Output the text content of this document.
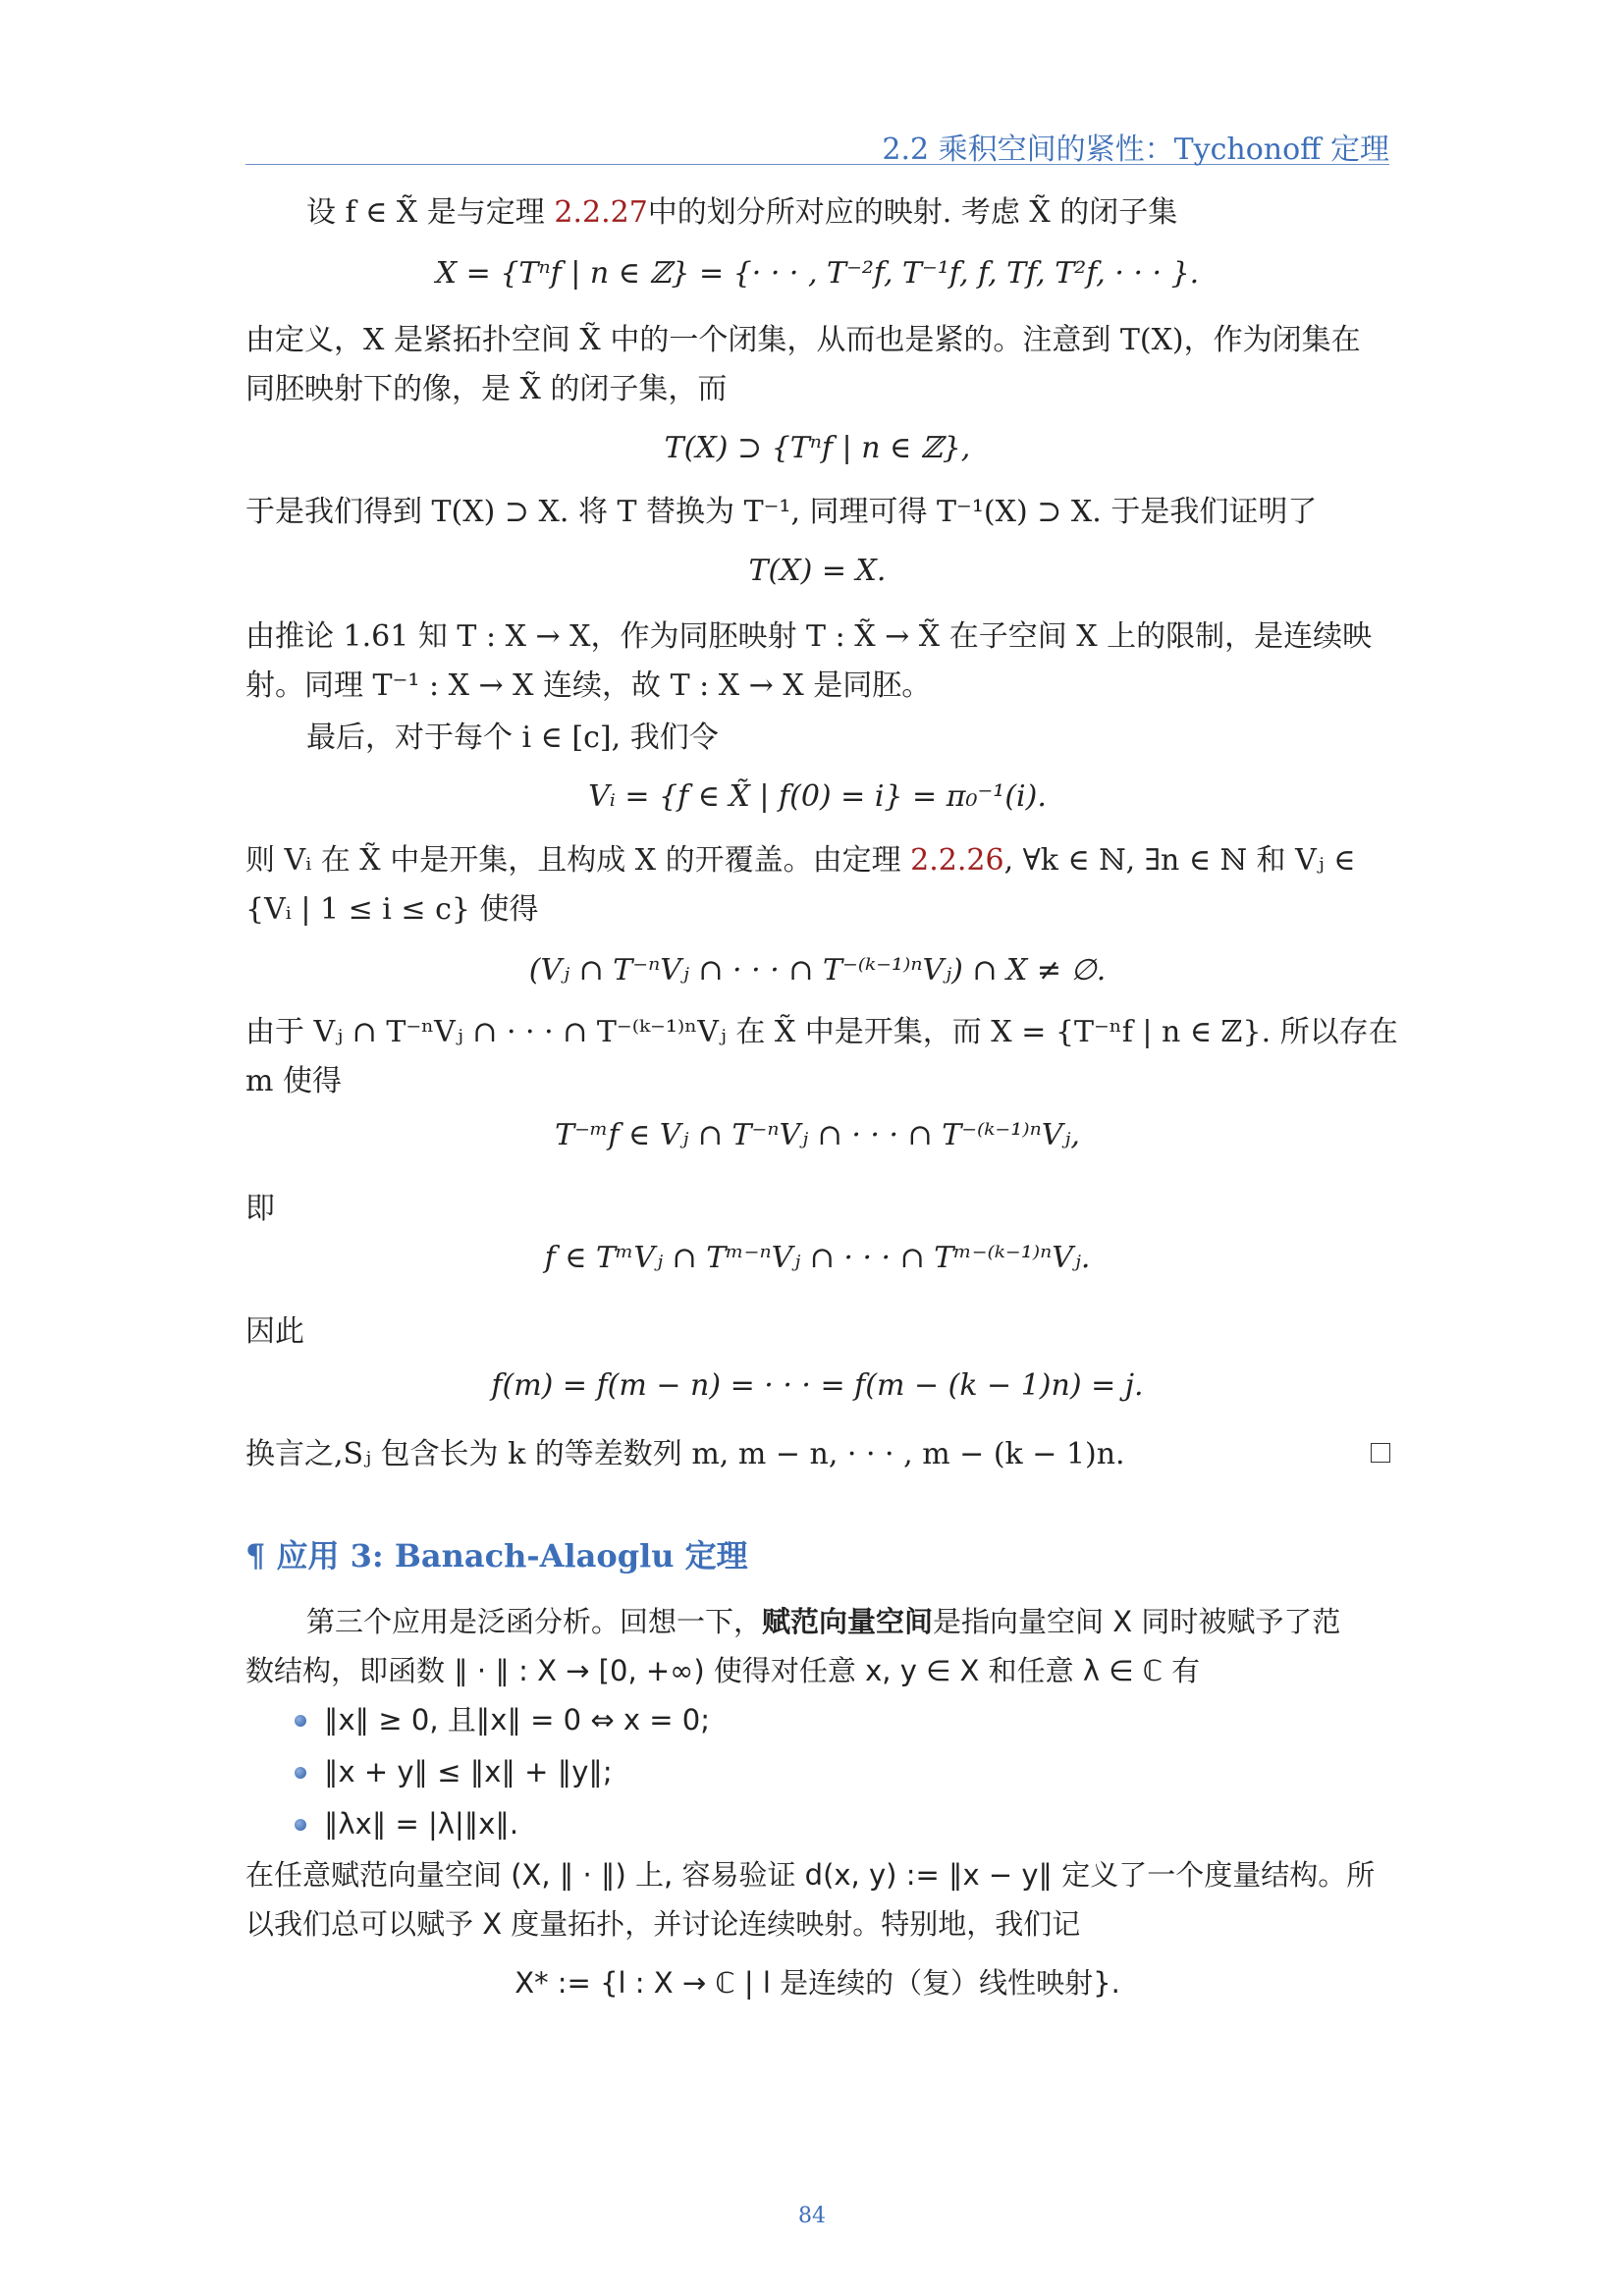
2.2 乘积空间的紧性：Tychonoff 定理
设 f ∈ X̃ 是与定理 2.2.27中的划分所对应的映射. 考虑 X̃ 的闭子集
X = {Tⁿf | n ∈ ℤ} = {· · · , T⁻²f, T⁻¹f, f, Tf, T²f, · · · }.
由定义，X 是紧拓扑空间 X̃ 中的一个闭集，从而也是紧的。注意到 T(X)，作为闭集在
同胚映射下的像，是 X̃ 的闭子集，而
T(X) ⊃ {Tⁿf | n ∈ ℤ},
于是我们得到 T(X) ⊃ X. 将 T 替换为 T⁻¹, 同理可得 T⁻¹(X) ⊃ X. 于是我们证明了
T(X) = X.
由推论 1.61 知 T : X → X，作为同胚映射 T : X̃ → X̃ 在子空间 X 上的限制，是连续映
射。同理 T⁻¹ : X → X 连续，故 T : X → X 是同胚。
最后，对于每个 i ∈ [c], 我们令
Vᵢ = {f ∈ X̃ | f(0) = i} = π₀⁻¹(i).
则 Vᵢ 在 X̃ 中是开集，且构成 X 的开覆盖。由定理 2.2.26, ∀k ∈ ℕ, ∃n ∈ ℕ 和 Vⱼ ∈
{Vᵢ | 1 ≤ i ≤ c} 使得
(Vⱼ ∩ T⁻ⁿVⱼ ∩ · · · ∩ T⁻⁽ᵏ⁻¹⁾ⁿVⱼ) ∩ X ≠ ∅.
由于 Vⱼ ∩ T⁻ⁿVⱼ ∩ · · · ∩ T⁻⁽ᵏ⁻¹⁾ⁿVⱼ 在 X̃ 中是开集，而 X = {T⁻ⁿf | n ∈ ℤ}. 所以存在
m 使得
T⁻ᵐf ∈ Vⱼ ∩ T⁻ⁿVⱼ ∩ · · · ∩ T⁻⁽ᵏ⁻¹⁾ⁿVⱼ,
即
f ∈ TᵐVⱼ ∩ Tᵐ⁻ⁿVⱼ ∩ · · · ∩ Tᵐ⁻⁽ᵏ⁻¹⁾ⁿVⱼ.
因此
f(m) = f(m − n) = · · · = f(m − (k − 1)n) = j.
换言之,Sⱼ 包含长为 k 的等差数列 m, m − n, · · · , m − (k − 1)n.
¶ 应用 3: Banach-Alaoglu 定理
第三个应用是泛函分析。回想一下，赋范向量空间是指向量空间 X 同时被赋予了范
数结构，即函数 ∥ · ∥ : X → [0, +∞) 使得对任意 x, y ∈ X 和任意 λ ∈ ℂ 有
∥x∥ ≥ 0, 且∥x∥ = 0 ⇔ x = 0;
∥x + y∥ ≤ ∥x∥ + ∥y∥;
∥λx∥ = |λ|∥x∥.
在任意赋范向量空间 (X, ∥ · ∥) 上, 容易验证 d(x, y) := ∥x − y∥ 定义了一个度量结构。所
以我们总可以赋予 X 度量拓扑，并讨论连续映射。特别地，我们记
X* := {l : X → ℂ | l 是连续的（复）线性映射}.
84
